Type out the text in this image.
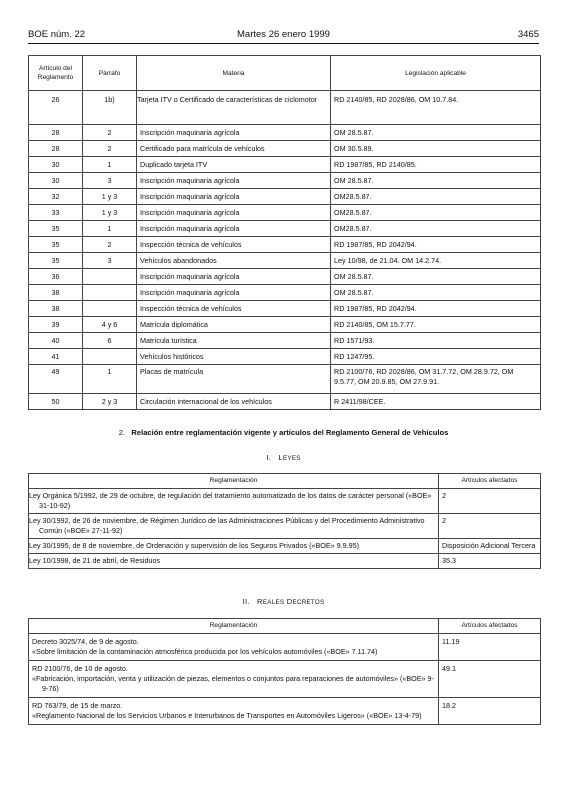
BOE núm. 22	Martes 26 enero 1999	3465
Artículo del Reglamento	Párrafo	Materia	Legislación aplicable
26	1b)	Tarjeta ITV o Certificado de características de ciclomotor	RD 2140/85, RD 2028/86, OM 10.7.84.
28	2	Inscripción maquinaria agrícola	OM 28.5.87.
28	2	Certificado para matrícula de vehículos	OM 30.5.89.
30	1	Duplicado tarjeta ITV	RD 1987/85, RD 2140/85.
30	3	Inscripción maquinaria agrícola	OM 28.5.87.
32	1 y 3	Inscripción maquinaria agrícola	OM28.5.87.
33	1 y 3	Inscripción maquinaria agrícola	OM28.5.87.
35	1	Inscripción maquinaria agrícola	OM28.5.87.
35	2	Inspección técnica de vehículos	RD 1987/85, RD 2042/94.
35	3	Vehículos abandonados	Ley 10/98, de 21.04. OM 14.2.74.
36		Inscripción maquinaria agrícola	OM 28.5.87.
38		Inscripción maquinaria agrícola	OM 28.5.87.
38		Inspección técnica de vehículos	RD 1987/85, RD 2042/94.
39	4 y 6	Matrícula diplomática	RD 2140/85, OM 15.7.77.
40	6	Matrícula turística	RD 1571/93.
41		Vehículos históricos	RD 1247/95.
49	1	Placas de matrícula	RD 2100/76, RD 2028/86, OM 31.7.72, OM 28.9.72, OM 9.5.77, OM 20.9.85, OM 27.9.91.
50	2 y 3	Circulación internacional de los vehículos	R 2411/98/CEE.
2. Relación entre reglamentación vigente y artículos del Reglamento General de Vehículos
I. LEYES
Reglamentación	Artículos afectados
Ley Orgánica 5/1992, de 29 de octubre, de regulación del tratamiento automatizado de los datos de carácter personal («BOE» 31-10-92)	2
Ley 30/1992, de 26 de noviembre, de Régimen Jurídico de las Administraciones Públicas y del Procedimiento Administrativo Común («BOE» 27-11-92)	2
Ley 30/1995, de 8 de noviembre, de Ordenación y supervisión de los Seguros Privados («BOE» 9.9.95)	Disposición Adicional Tercera
Ley 10/1998, de 21 de abril, de Residuos	35.3
II. REALES DECRETOS
Reglamentación	Artículos afectados

Decreto 3025/74, de 9 de agosto.
«Sobre limitación de la contaminación atmosférica producida por los vehículos automóviles («BOE» 7.11.74)	11.19

RD 2100/76, de 10 de agosto.
«Fabricación, importación, venta y utilización de piezas, elementos o conjuntos para reparaciones de automóviles» («BOE» 9-9-76)	49.1

RD 763/79, de 15 de marzo.
«Reglamento Nacional de los Servicios Urbanos e Interurbanos de Transportes en Automóviles Ligeros» («BOE» 13-4-79)	18.2
